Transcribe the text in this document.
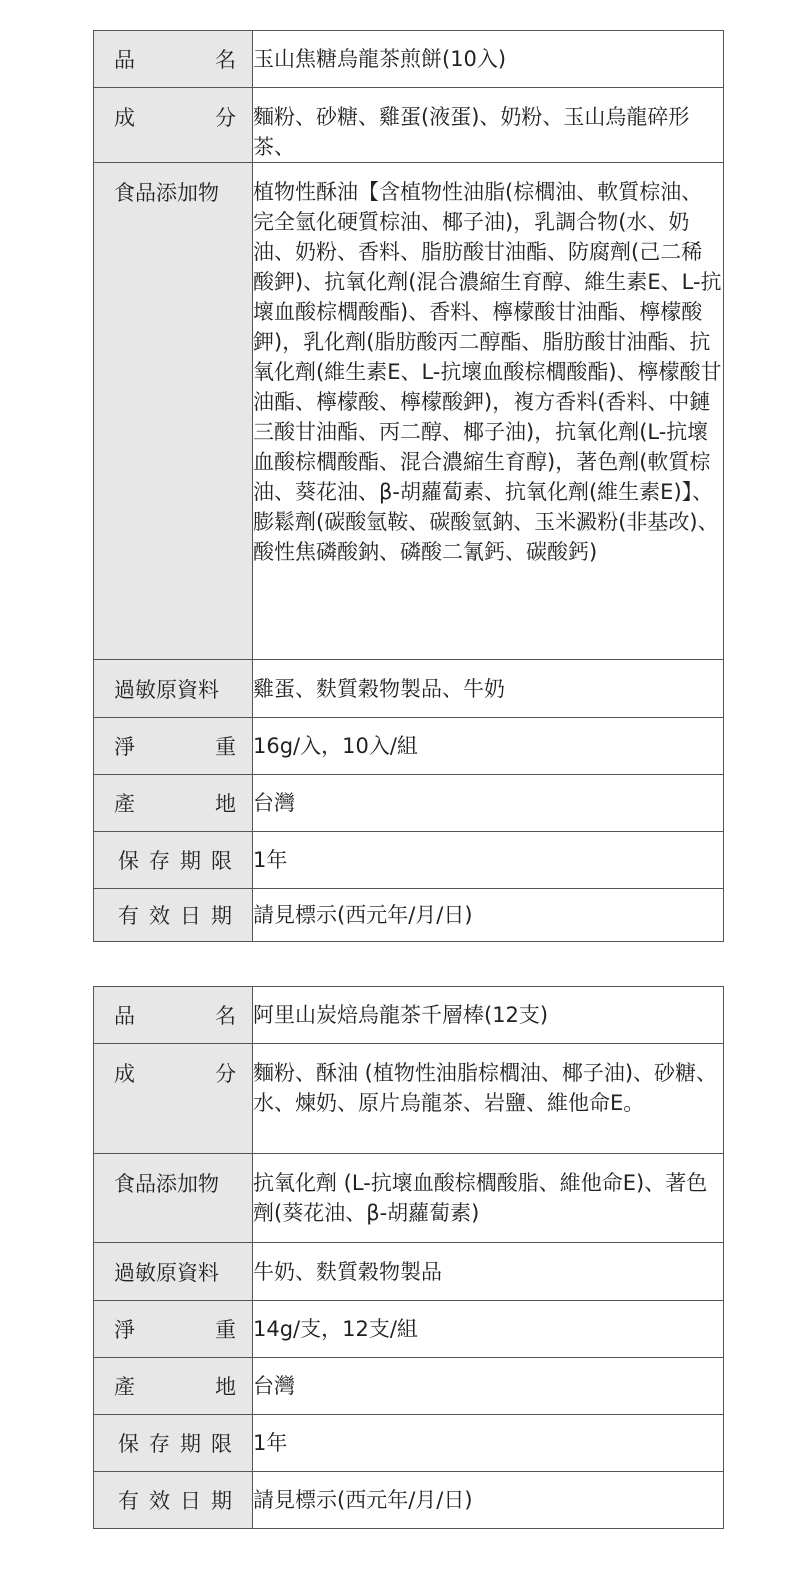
品 名	玉山焦糖烏龍茶煎餅(10入)

成 分	麵粉、砂糖、雞蛋(液蛋)、奶粉、玉山烏龍碎形茶、

食品添加物	植物性酥油【含植物性油脂(棕櫚油、軟質棕油、完全氫化硬質棕油、椰子油)，乳調合物(水、奶油、奶粉、香料、脂肪酸甘油酯、防腐劑(己二稀酸鉀)、抗氧化劑(混合濃縮生育醇、維生素E、L-抗壞血酸棕櫚酸酯)、香料、檸檬酸甘油酯、檸檬酸鉀)，乳化劑(脂肪酸丙二醇酯、脂肪酸甘油酯、抗氧化劑(維生素E、L-抗壞血酸棕櫚酸酯)、檸檬酸甘油酯、檸檬酸、檸檬酸鉀)，複方香料(香料、中鏈三酸甘油酯、丙二醇、椰子油)，抗氧化劑(L-抗壞血酸棕櫚酸酯、混合濃縮生育醇)，著色劑(軟質棕油、葵花油、β-胡蘿蔔素、抗氧化劑(維生素E)】、膨鬆劑(碳酸氫鞍、碳酸氫鈉、玉米澱粉(非基改)、酸性焦磷酸鈉、磷酸二氰鈣、碳酸鈣)

過敏原資料	雞蛋、麩質穀物製品、牛奶

淨 重	16g/入，10入/組

產 地	台灣

保 存 期 限	1年

有 效 日 期	請見標示(西元年/月/日)
品 名	阿里山炭焙烏龍茶千層棒(12支)

成 分	麵粉、酥油 (植物性油脂棕櫚油、椰子油)、砂糖、水、煉奶、原片烏龍茶、岩鹽、維他命E。

食品添加物	抗氧化劑 (L-抗壞血酸棕櫚酸脂、維他命E)、著色劑(葵花油、β-胡蘿蔔素)

過敏原資料	牛奶、麩質穀物製品

淨 重	14g/支，12支/組

產 地	台灣

保 存 期 限	1年

有 效 日 期	請見標示(西元年/月/日)
